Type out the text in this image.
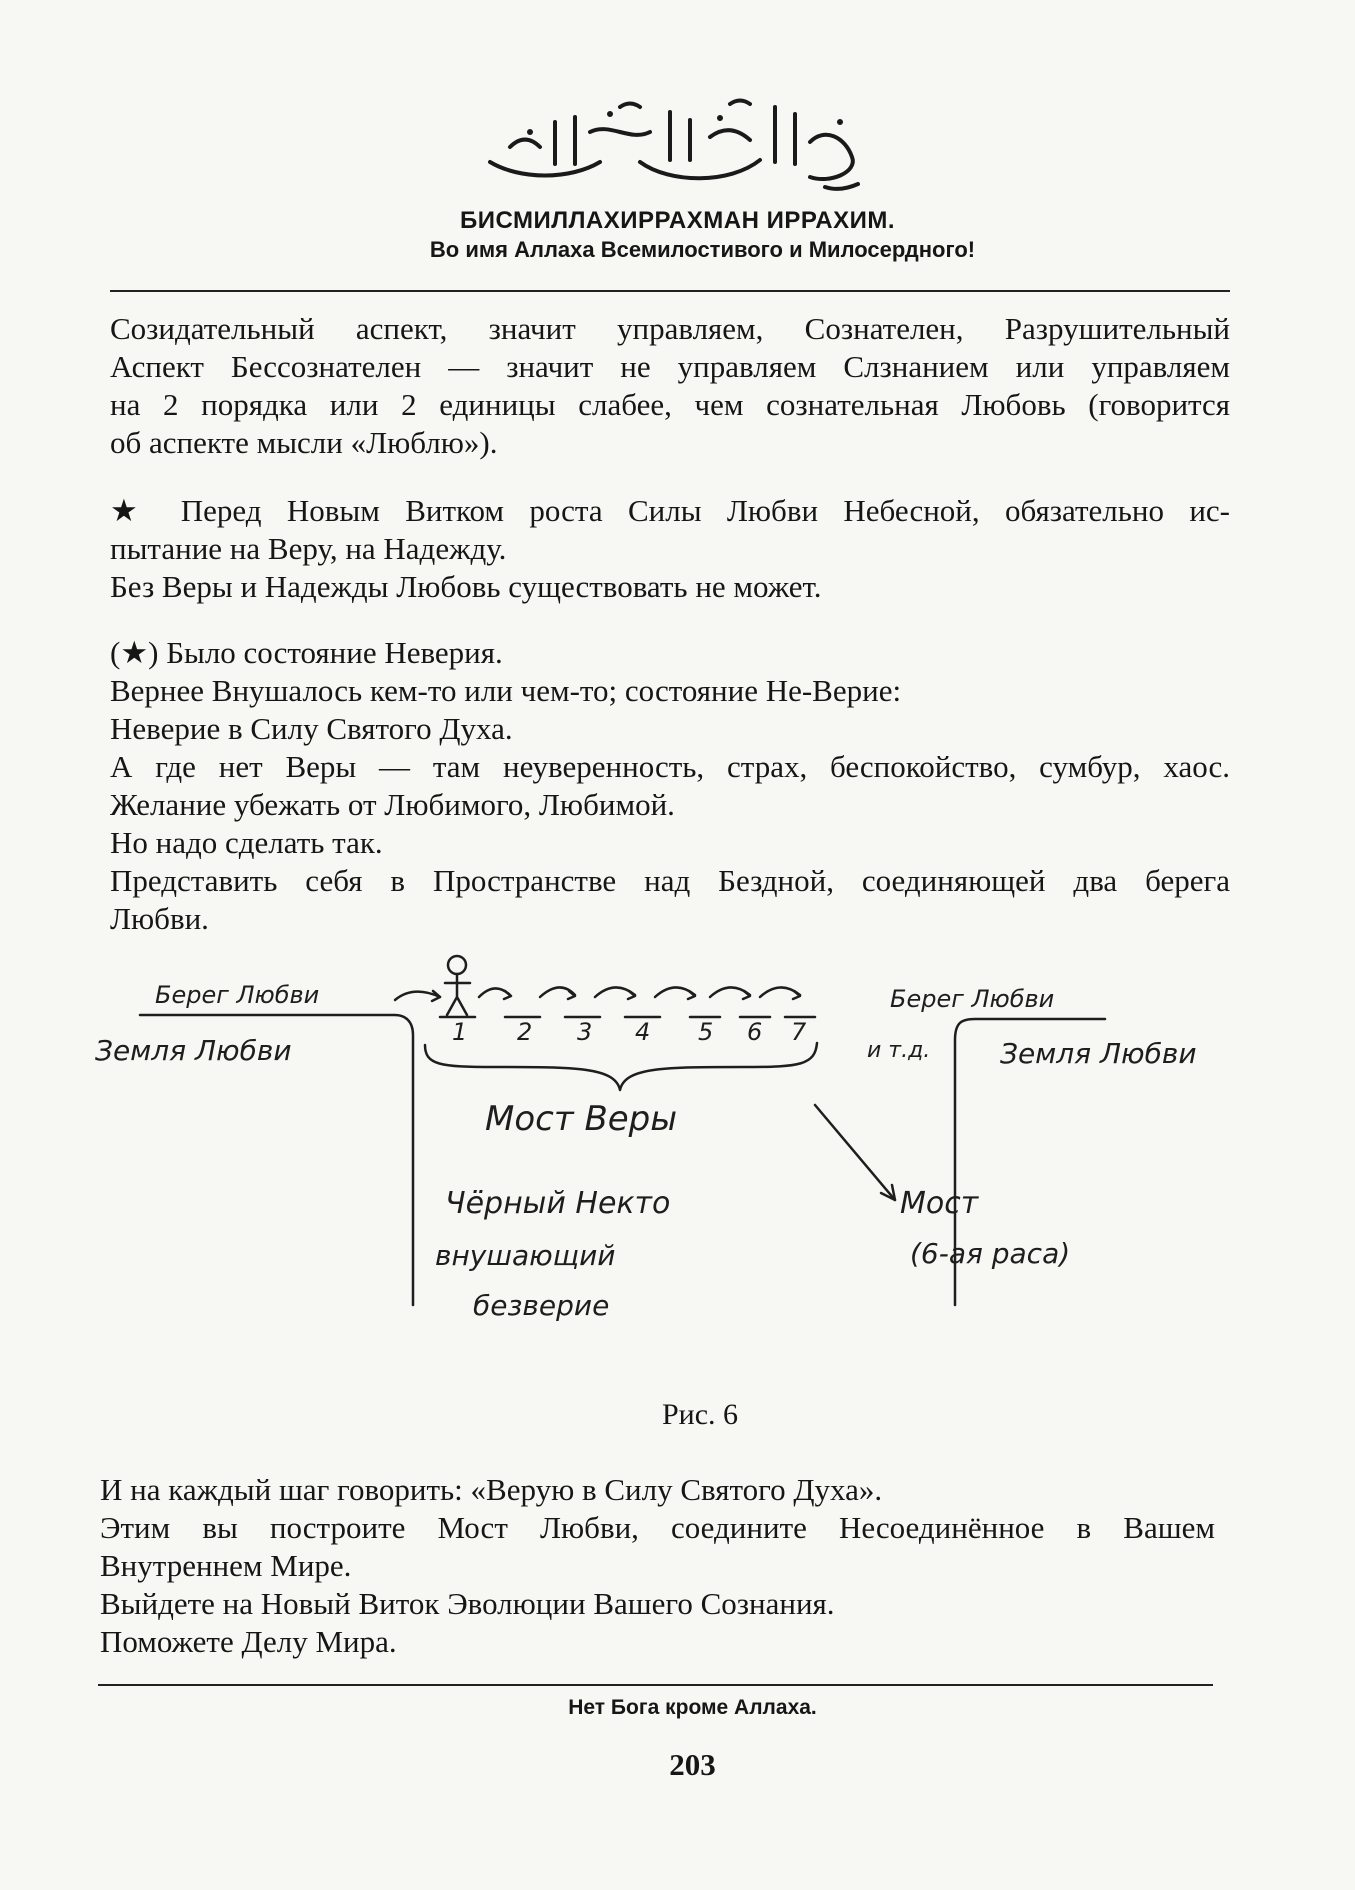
БИСМИЛЛАХИРРАХМАН ИРРАХИМ.
Во имя Аллаха Всемилостивого и Милосердного!
Созидательный аспект, значит управляем, Сознателен, Разрушительный
Аспект Бессознателен — значит не управляем Слзнанием или управляем
на 2 порядка или 2 единицы слабее, чем сознательная Любовь (говорится
об аспекте мысли «Люблю»).
★ Перед Новым Витком роста Силы Любви Небесной, обязательно ис-
пытание на Веру, на Надежду.
Без Веры и Надежды Любовь существовать не может.
(★) Было состояние Неверия.
Вернее Внушалось кем-то или чем-то; состояние Не-Верие:
Неверие в Силу Святого Духа.
А где нет Веры — там неуверенность, страх, беспокойство, сумбур, хаос.
Желание убежать от Любимого, Любимой.
Но надо сделать так.
Представить себя в Пространстве над Бездной, соединяющей два берега
Любви.
Берег Любви
Земля Любви
Берег Любви
и т.д. Земля Любви
1 2 3 4 5 6 7
Мост Веры
Чёрный Некто
внушающий
безверие
Мост
(6-ая раса)
Рис. 6
И на каждый шаг говорить: «Верую в Силу Святого Духа».
Этим вы построите Мост Любви, соедините Несоединённое в Вашем
Внутреннем Мире.
Выйдете на Новый Виток Эволюции Вашего Сознания.
Поможете Делу Мира.
Нет Бога кроме Аллаха.
203
